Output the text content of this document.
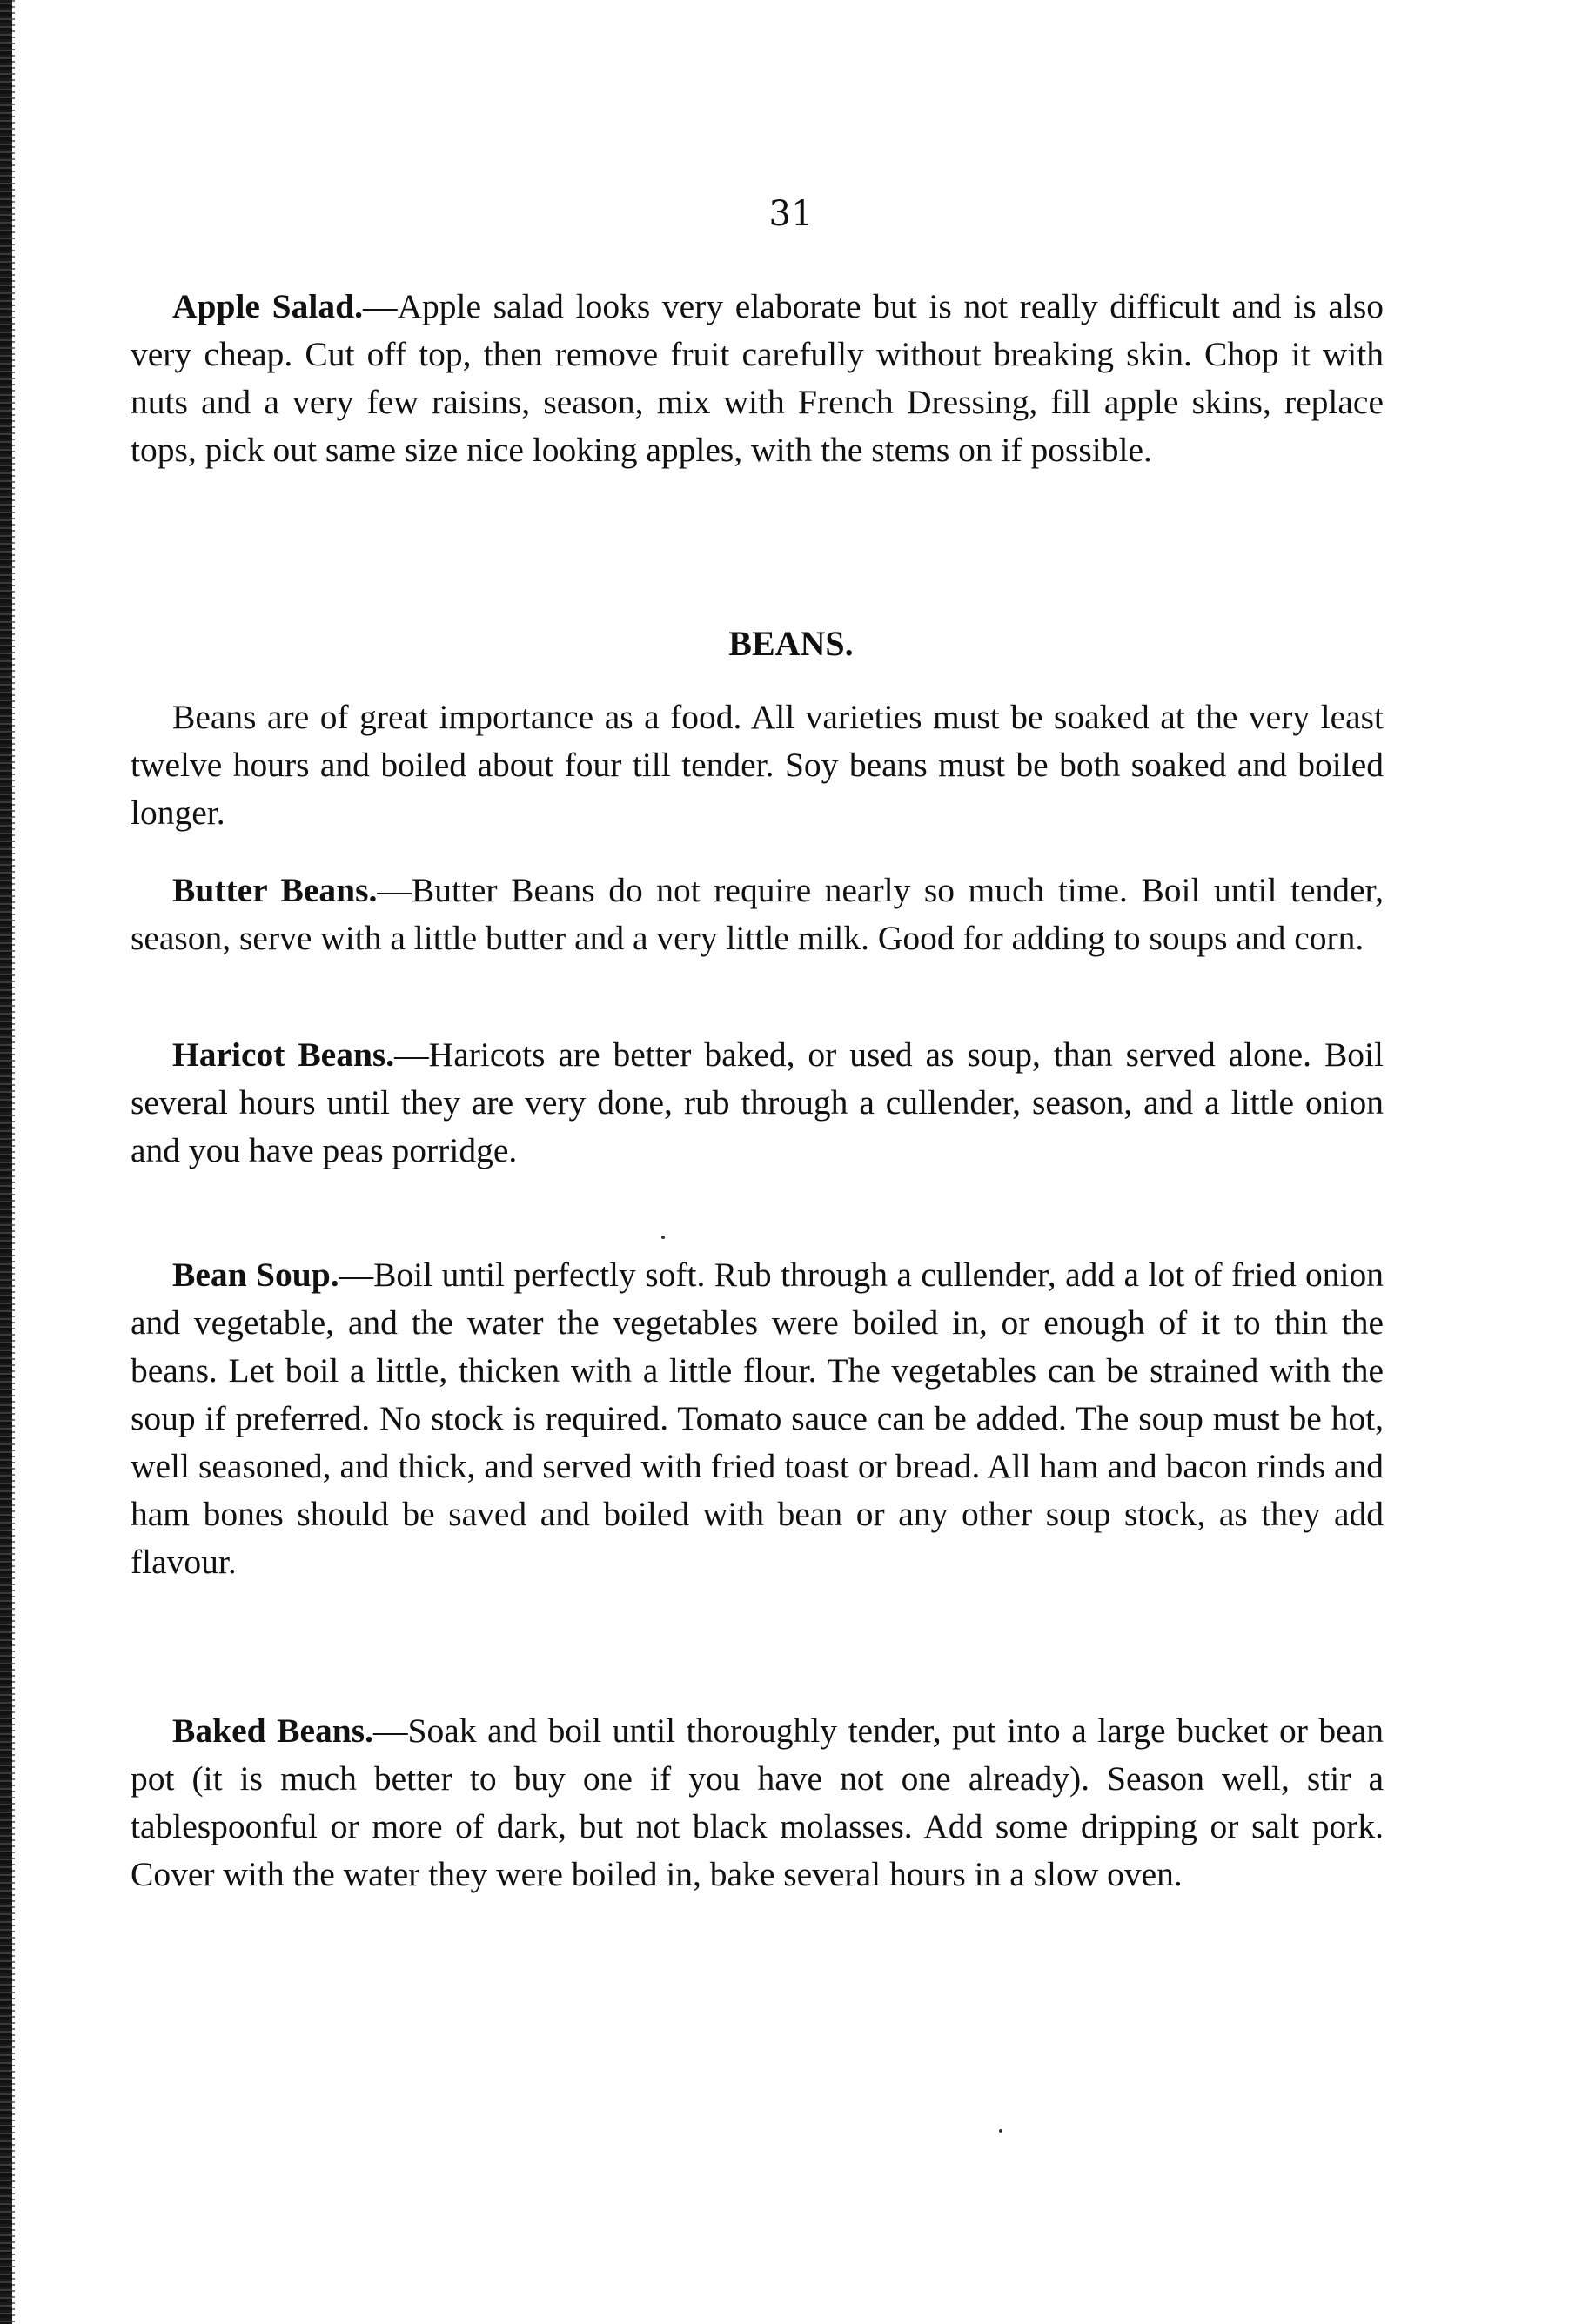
31

Apple Salad.—Apple salad looks very elaborate but is not really difficult and is also very cheap. Cut off top, then remove fruit carefully without breaking skin. Chop it with nuts and a very few raisins, season, mix with French Dressing, fill apple skins, replace tops, pick out same size nice looking apples, with the stems on if possible.

BEANS.

Beans are of great importance as a food. All varieties must be soaked at the very least twelve hours and boiled about four till tender. Soy beans must be both soaked and boiled longer.

Butter Beans.—Butter Beans do not require nearly so much time. Boil until tender, season, serve with a little butter and a very little milk. Good for adding to soups and corn.

Haricot Beans.—Haricots are better baked, or used as soup, than served alone. Boil several hours until they are very done, rub through a cullender, season, and a little onion and you have peas porridge.

Bean Soup.—Boil until perfectly soft. Rub through a cullender, add a lot of fried onion and vegetable, and the water the vegetables were boiled in, or enough of it to thin the beans. Let boil a little, thicken with a little flour. The vegetables can be strained with the soup if preferred. No stock is required. Tomato sauce can be added. The soup must be hot, well seasoned, and thick, and served with fried toast or bread. All ham and bacon rinds and ham bones should be saved and boiled with bean or any other soup stock, as they add flavour.

Baked Beans.—Soak and boil until thoroughly tender, put into a large bucket or bean pot (it is much better to buy one if you have not one already). Season well, stir a tablespoonful or more of dark, but not black molasses. Add some dripping or salt pork. Cover with the water they were boiled in, bake several hours in a slow oven.
